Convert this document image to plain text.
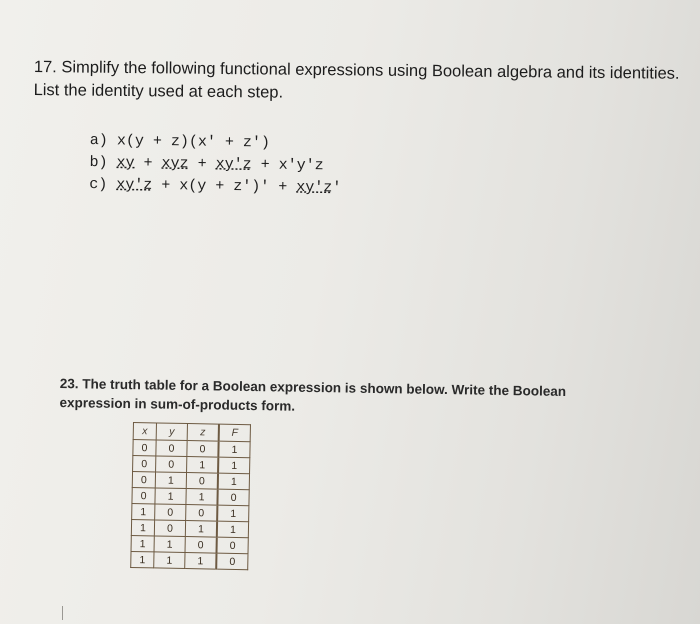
17. Simplify the following functional expressions using Boolean algebra and its identities.
List the identity used at each step.
a) x(y + z)(x' + z')
b) xy + xyz + xy'z + x'y'z
c) xy'z + x(y + z')' + xy'z'
23. The truth table for a Boolean expression is shown below. Write the Boolean
expression in sum-of-products form.
x	y	z	F
0	0	0	1
0	0	1	1
0	1	0	1
0	1	1	0
1	0	0	1
1	0	1	1
1	1	0	0
1	1	1	0
